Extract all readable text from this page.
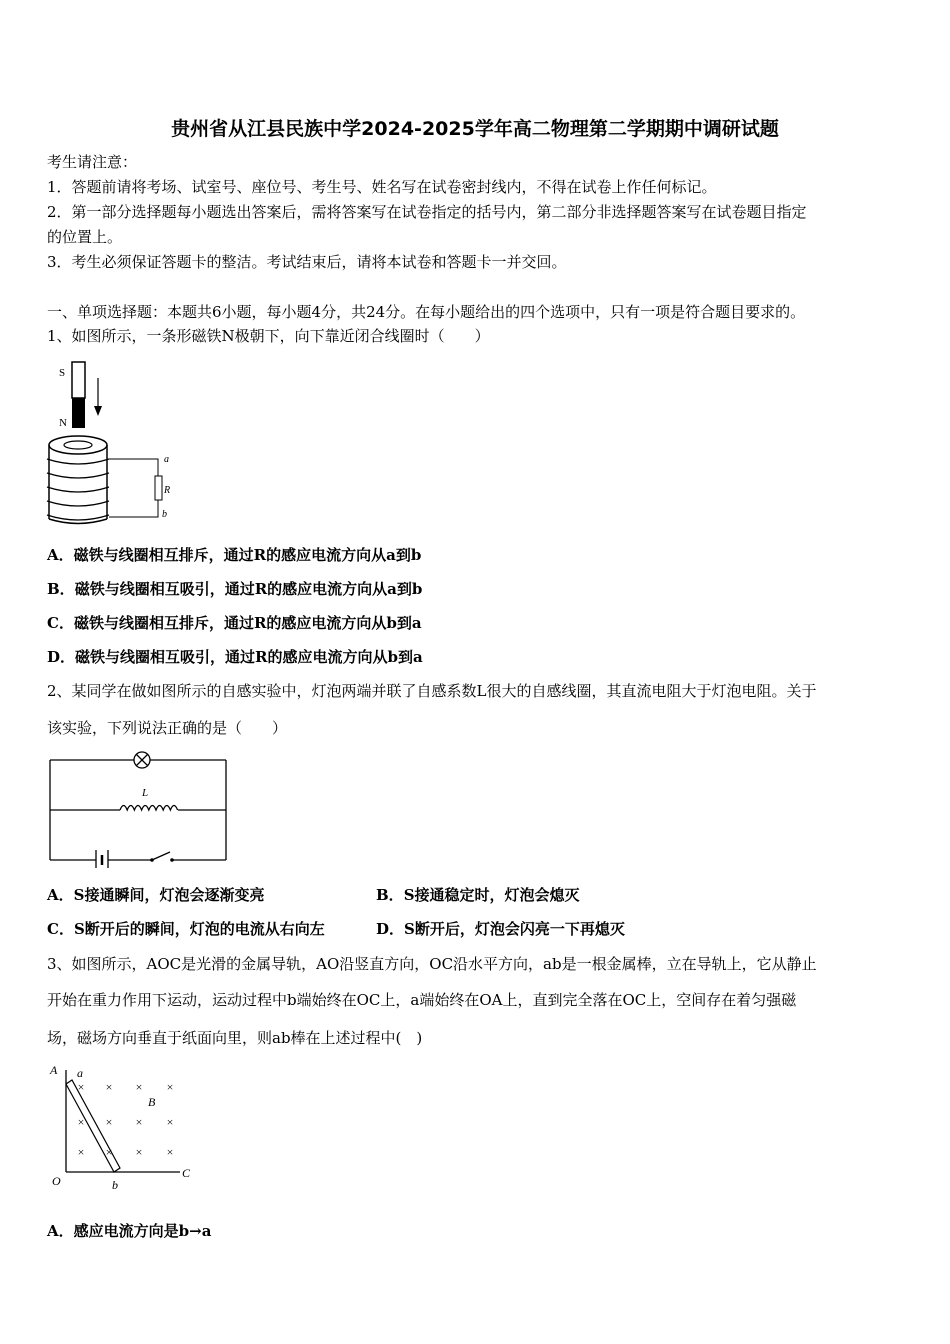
贵州省从江县民族中学2024-2025学年高二物理第二学期期中调研试题
考生请注意：
1．答题前请将考场、试室号、座位号、考生号、姓名写在试卷密封线内，不得在试卷上作任何标记。
2．第一部分选择题每小题选出答案后，需将答案写在试卷指定的括号内，第二部分非选择题答案写在试卷题目指定
的位置上。
3．考生必须保证答题卡的整洁。考试结束后，请将本试卷和答题卡一并交回。
一、单项选择题：本题共6小题，每小题4分，共24分。在每小题给出的四个选项中，只有一项是符合题目要求的。
1、如图所示，一条形磁铁N极朝下，向下靠近闭合线圈时（　　）
S
N
a
R
b
A．磁铁与线圈相互排斥，通过R的感应电流方向从a到b
B．磁铁与线圈相互吸引，通过R的感应电流方向从a到b
C．磁铁与线圈相互排斥，通过R的感应电流方向从b到a
D．磁铁与线圈相互吸引，通过R的感应电流方向从b到a
2、某同学在做如图所示的自感实验中，灯泡两端并联了自感系数L很大的自感线圈，其直流电阻大于灯泡电阻。关于
该实验，下列说法正确的是（　　）
L
A．S接通瞬间，灯泡会逐渐变亮	B．S接通稳定时，灯泡会熄灭
C．S断开后的瞬间，灯泡的电流从右向左	D．S断开后，灯泡会闪亮一下再熄灭
3、如图所示，AOC是光滑的金属导轨，AO沿竖直方向，OC沿水平方向，ab是一根金属棒，立在导轨上，它从静止
开始在重力作用下运动，运动过程中b端始终在OC上，a端始终在OA上，直到完全落在OC上，空间存在着匀强磁
场，磁场方向垂直于纸面向里，则ab棒在上述过程中(　)
× × × ×
× × × ×
× × × ×
A a
B
O	b
C
A．感应电流方向是b→a
